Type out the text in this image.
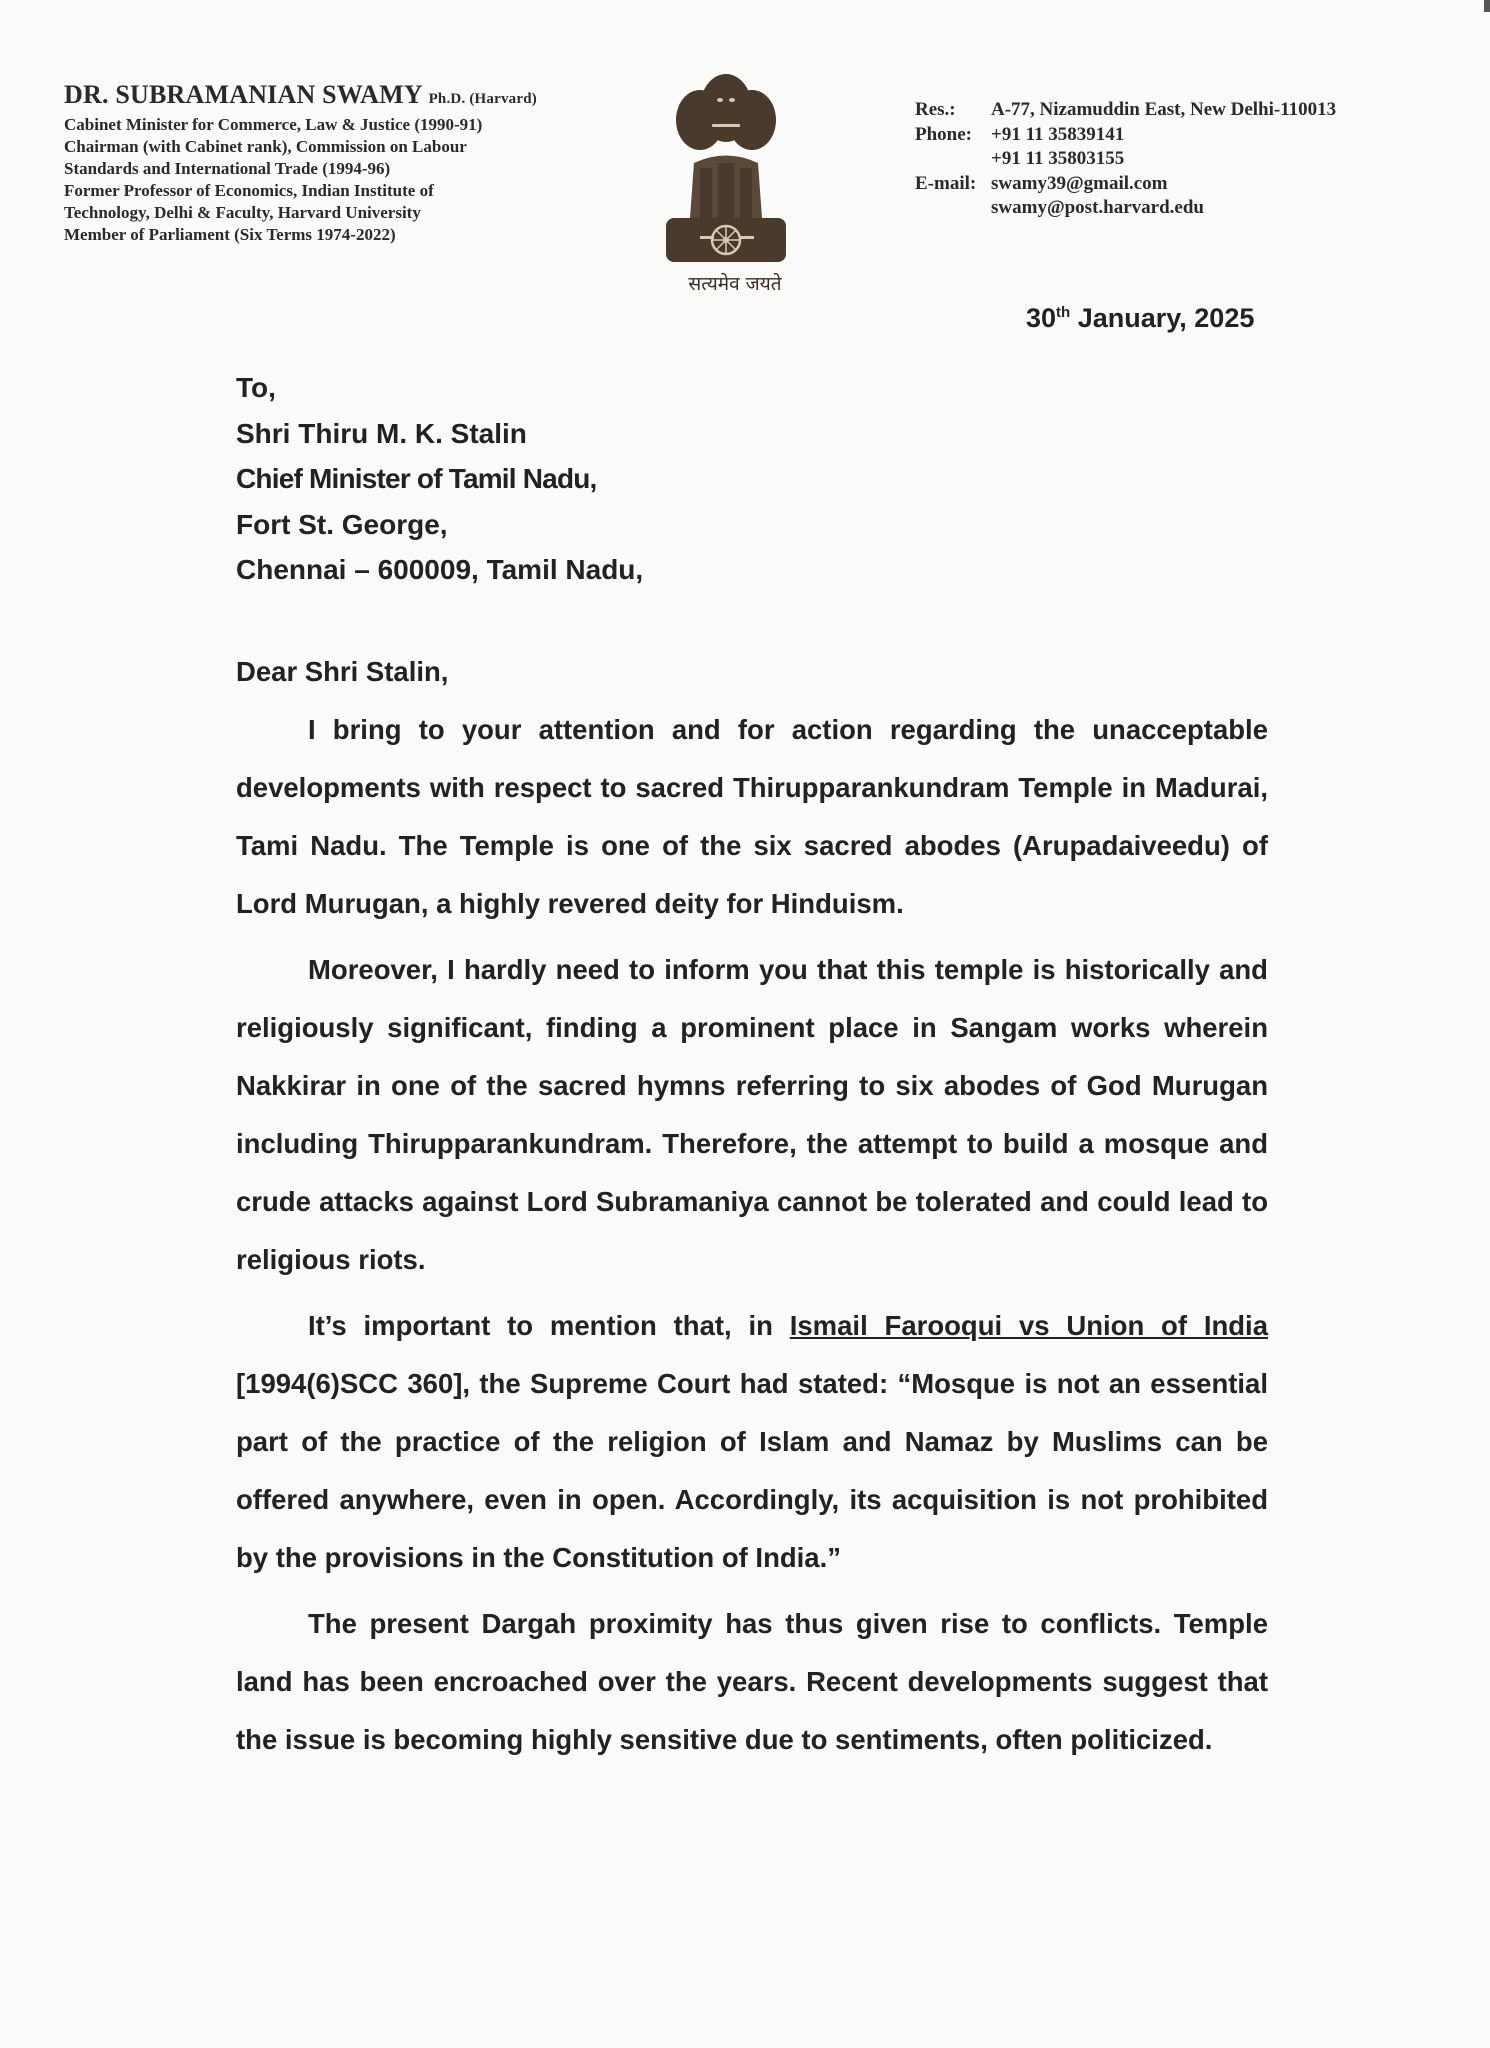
DR. SUBRAMANIAN SWAMY Ph.D. (Harvard)
Cabinet Minister for Commerce, Law & Justice (1990-91)
Chairman (with Cabinet rank), Commission on Labour
Standards and International Trade (1994-96)
Former Professor of Economics, Indian Institute of
Technology, Delhi & Faculty, Harvard University
Member of Parliament (Six Terms 1974-2022)
सत्यमेव जयते
Res.:	A-77, Nizamuddin East, New Delhi-110013
Phone:	+91 11 35839141
+91 11 35803155
E-mail: swamy39@gmail.com
swamy@post.harvard.edu
30th January, 2025
To,
Shri Thiru M. K. Stalin
Chief Minister of Tamil Nadu,
Fort St. George,
Chennai – 600009, Tamil Nadu,

Dear Shri Stalin,

I bring to your attention and for action regarding the unacceptable developments with respect to sacred Thirupparankundram Temple in Madurai, Tami Nadu. The Temple is one of the six sacred abodes (Arupadaiveedu) of Lord Murugan, a highly revered deity for Hinduism.

Moreover, I hardly need to inform you that this temple is historically and religiously significant, finding a prominent place in Sangam works wherein Nakkirar in one of the sacred hymns referring to six abodes of God Murugan including Thirupparankundram. Therefore, the attempt to build a mosque and crude attacks against Lord Subramaniya cannot be tolerated and could lead to religious riots.

It’s important to mention that, in Ismail Farooqui vs Union of India [1994(6)SCC 360], the Supreme Court had stated: “Mosque is not an essential part of the practice of the religion of Islam and Namaz by Muslims can be offered anywhere, even in open. Accordingly, its acquisition is not prohibited by the provisions in the Constitution of India.”

The present Dargah proximity has thus given rise to conflicts. Temple land has been encroached over the years. Recent developments suggest that the issue is becoming highly sensitive due to sentiments, often politicized.
